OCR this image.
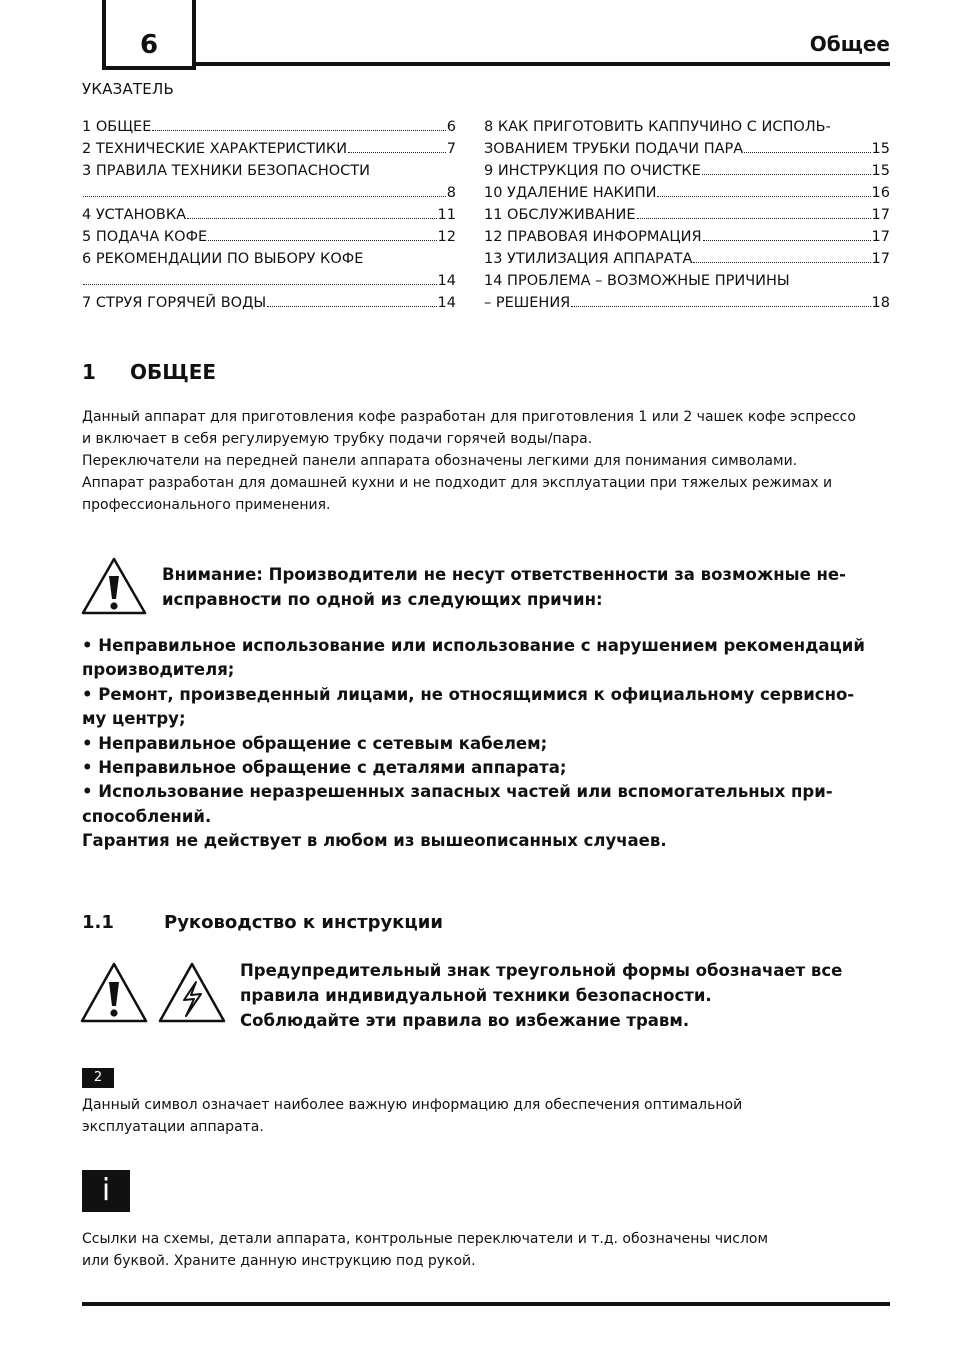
6	Общее
УКАЗАТЕЛЬ
1 ОБЩЕЕ	6
2 ТЕХНИЧЕСКИЕ ХАРАКТЕРИСТИКИ	7
3 ПРАВИЛА ТЕХНИКИ БЕЗОПАСНОСТИ
8
4 УСТАНОВКА	11
5 ПОДАЧА КОФЕ	12
6 РЕКОМЕНДАЦИИ ПО ВЫБОРУ КОФЕ
14
7 СТРУЯ ГОРЯЧЕЙ ВОДЫ	14
8 КАК ПРИГОТОВИТЬ КАППУЧИНО С ИСПОЛЬ-
ЗОВАНИЕМ ТРУБКИ ПОДАЧИ ПАРА	15
9 ИНСТРУКЦИЯ ПО ОЧИСТКЕ	15
10 УДАЛЕНИЕ НАКИПИ	16
11 ОБСЛУЖИВАНИЕ	17
12 ПРАВОВАЯ ИНФОРМАЦИЯ	17
13 УТИЛИЗАЦИЯ АППАРАТА	17
14 ПРОБЛЕМА – ВОЗМОЖНЫЕ ПРИЧИНЫ
– РЕШЕНИЯ	18
1 ОБЩЕЕ
Данный аппарат для приготовления кофе разработан для приготовления 1 или 2 чашек кофе эспрессо
и включает в себя регулируемую трубку подачи горячей воды/пара.
Переключатели на передней панели аппарата обозначены легкими для понимания символами.
Аппарат разработан для домашней кухни и не подходит для эксплуатации при тяжелых режимах и
профессионального применения.
Внимание: Производители не несут ответственности за возможные не-
исправности по одной из следующих причин:

• Неправильное использование или использование с нарушением рекомендаций

производителя;

• Ремонт, произведенный лицами, не относящимися к официальному сервисно-

му центру;

• Неправильное обращение с сетевым кабелем;

• Неправильное обращение с деталями аппарата;

• Использование неразрешенных запасных частей или вспомогательных при-

способлений.

Гарантия не действует в любом из вышеописанных случаев.

1.1	Руководство к инструкции
Предупредительный знак треугольной формы обозначает все
правила индивидуальной техники безопасности.
Соблюдайте эти правила во избежание травм.
2
Данный символ означает наиболее важную информацию для обеспечения оптимальной
эксплуатации аппарата.
i
Ссылки на схемы, детали аппарата, контрольные переключатели и т.д. обозначены числом
или буквой. Храните данную инструкцию под рукой.
